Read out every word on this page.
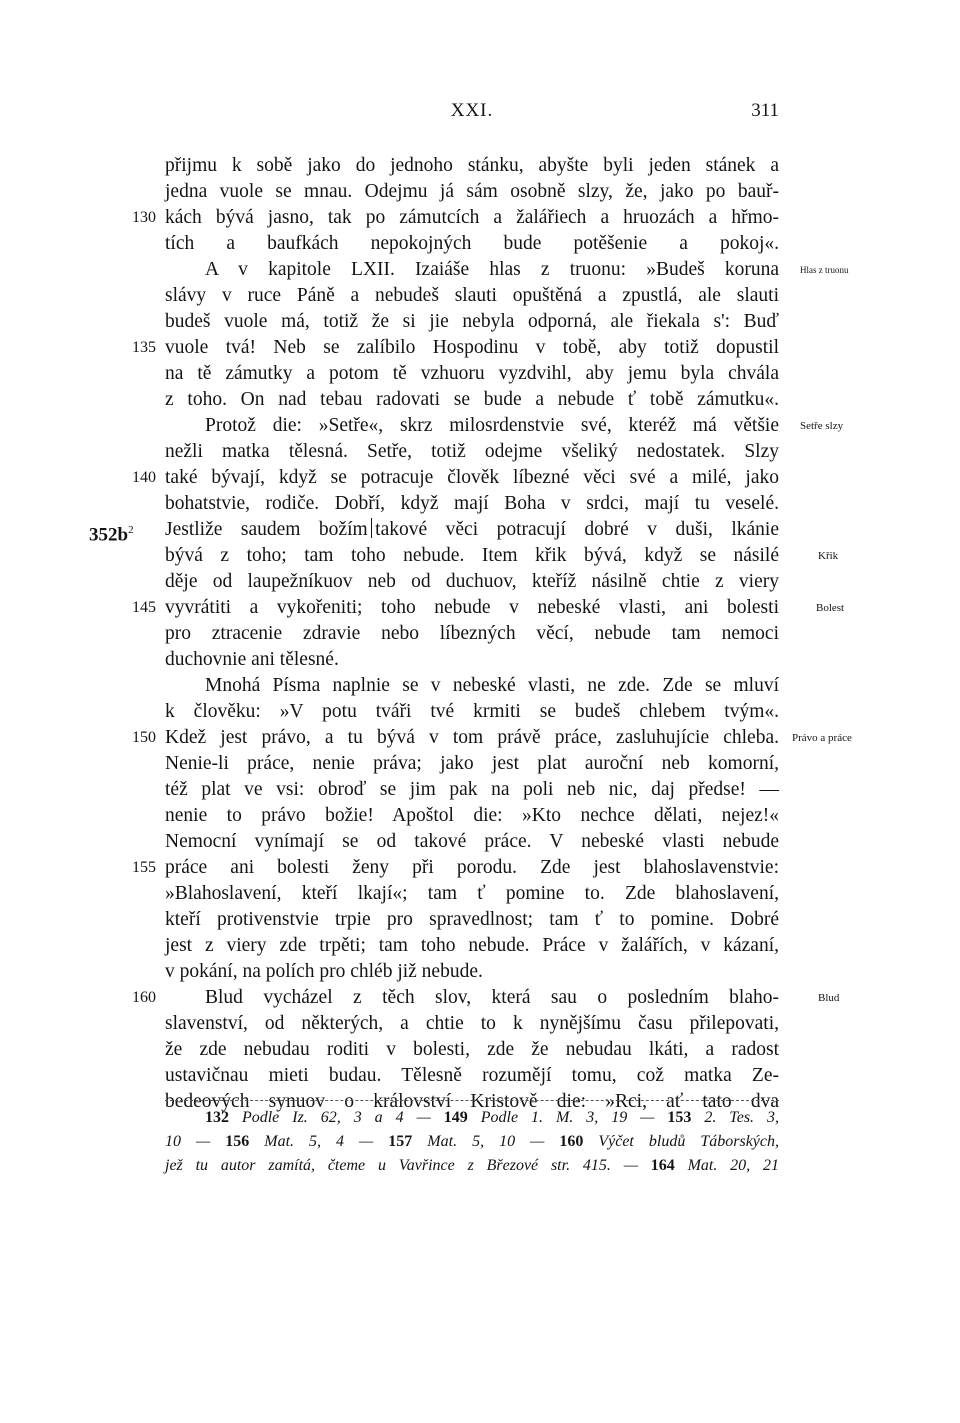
XXI.	311
přijmu k sobě jako do jednoho stánku, abyšte byli jeden stánek a
jedna vuole se mnau. Odejmu já sám osobně slzy, že, jako po bauř-
kách bývá jasno, tak po zámutcích a žalářiech a hruozách a hřmo-
tích a baufkách nepokojných bude potěšenie a pokoj«.
A v kapitole LXII. Izaiáše hlas z truonu: »Budeš koruna
slávy v ruce Páně a nebudeš slauti opuštěná a zpustlá, ale slauti
budeš vuole má, totiž že si jie nebyla odporná, ale řiekala s': Buď
vuole tvá! Neb se zalíbilo Hospodinu v tobě, aby totiž dopustil
na tě zámutky a potom tě vzhuoru vyzdvihl, aby jemu byla chvála
z toho. On nad tebau radovati se bude a nebude ť tobě zámutku«.
Protož die: »Setře«, skrz milosrdenstvie své, kteréž má většie
nežli matka tělesná. Setře, totiž odejme všeliký nedostatek. Slzy
také bývají, když se potracuje člověk líbezné věci své a milé, jako
bohatstvie, rodiče. Dobří, když mají Boha v srdci, mají tu veselé.
Jestliže saudem božím takové věci potracují dobré v duši, lkánie
bývá z toho; tam toho nebude. Item křik bývá, když se násilé
děje od laupežníkuov neb od duchuov, kteříž násilně chtie z viery
vyvrátiti a vykořeniti; toho nebude v nebeské vlasti, ani bolesti
pro ztracenie zdravie nebo líbezných věcí, nebude tam nemoci
duchovnie ani tělesné.
Mnohá Písma naplnie se v nebeské vlasti, ne zde. Zde se mluví
k člověku: »V potu tváři tvé krmiti se budeš chlebem tvým«.
Kdež jest právo, a tu bývá v tom právě práce, zasluhujície chleba.
Nenie-li práce, nenie práva; jako jest plat auroční neb komorní,
též plat ve vsi: obroď se jim pak na poli neb nic, daj předse! —
nenie to právo božie! Apoštol die: »Kto nechce dělati, nejez!«
Nemocní vynímají se od takové práce. V nebeské vlasti nebude
práce ani bolesti ženy při porodu. Zde jest blahoslavenstvie:
»Blahoslavení, kteří lkají«; tam ť pomine to. Zde blahoslavení,
kteří protivenstvie trpie pro spravedlnost; tam ť to pomine. Dobré
jest z viery zde trpěti; tam toho nebude. Práce v žalářích, v kázaní,
v pokání, na polích pro chléb již nebude.
Blud vycházel z těch slov, která sau o posledním blaho-
slavenství, od některých, a chtie to k nynějšímu času přilepovati,
že zde nebudau roditi v bolesti, zde že nebudau lkáti, a radost
ustavičnau mieti budau. Tělesně rozumějí tomu, což matka Ze-
bedeových synuov o království Kristově die: »Rci, ať tato dva
130
135
140
145
150
155
160
$352b^2$
Hlas z truonu
Setře slzy
Křik
Bolest
Právo a práce
Blud
132 Podle Iz. 62, 3 a 4 — 149 Podle 1. M. 3, 19 — 153 2. Tes. 3,
10 — 156 Mat. 5, 4 — 157 Mat. 5, 10 — 160 Výčet bludů Táborských,
jež tu autor zamítá, čteme u Vavřince z Březové str. 415. — 164 Mat. 20, 21
